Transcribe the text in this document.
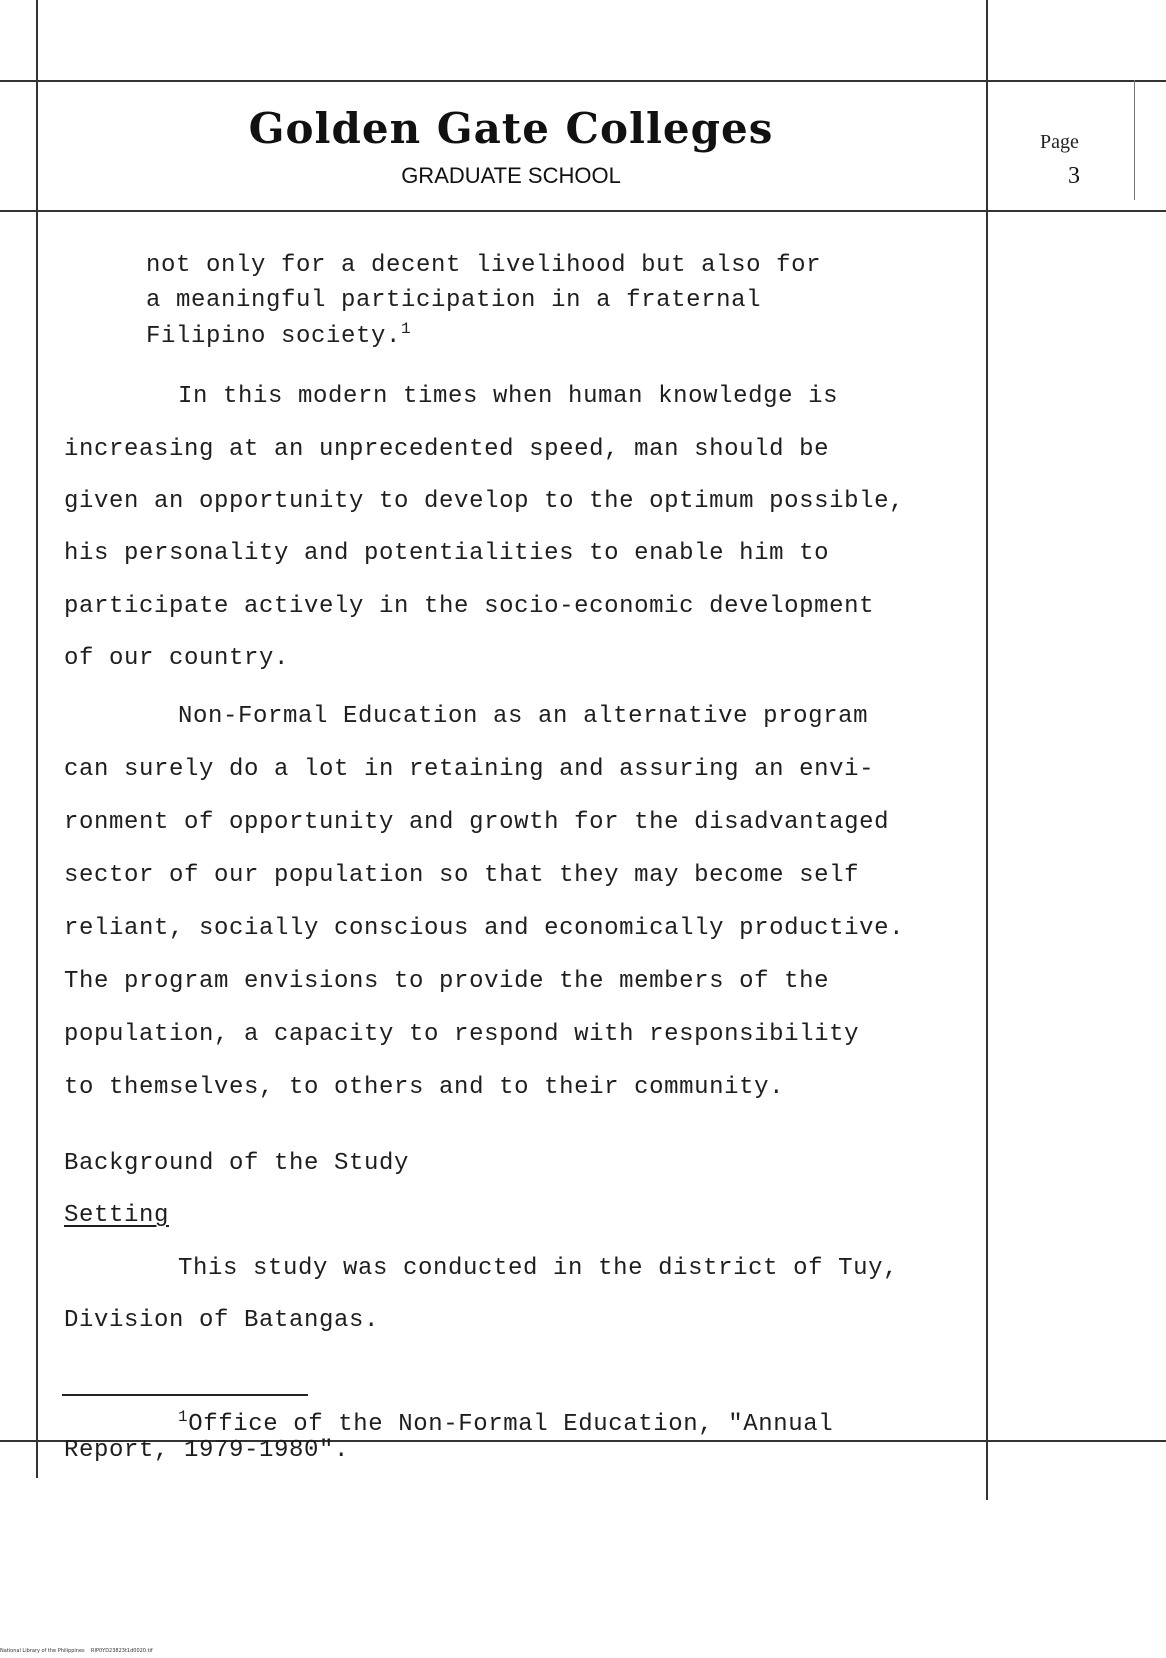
Golden Gate Colleges
GRADUATE SCHOOL
Page
3
not only for a decent livelihood but also for
a meaningful participation in a fraternal
Filipino society.$^1$
In this modern times when human knowledge is
increasing at an unprecedented speed, man should be
given an opportunity to develop to the optimum possible,
his personality and potentialities to enable him to
participate actively in the socio-economic development
of our country.
Non-Formal Education as an alternative program
can surely do a lot in retaining and assuring an envi-
ronment of opportunity and growth for the disadvantaged
sector of our population so that they may become self
reliant, socially conscious and economically productive.
The program envisions to provide the members of the
population, a capacity to respond with responsibility
to themselves, to others and to their community.
Background of the Study
Setting
This study was conducted in the district of Tuy,
Division of Batangas.
$^1$Office of the Non-Formal Education, "Annual
Report, 1979-1980".
National Library of the Philippines    RIP0YD23823t1d0020.tif
